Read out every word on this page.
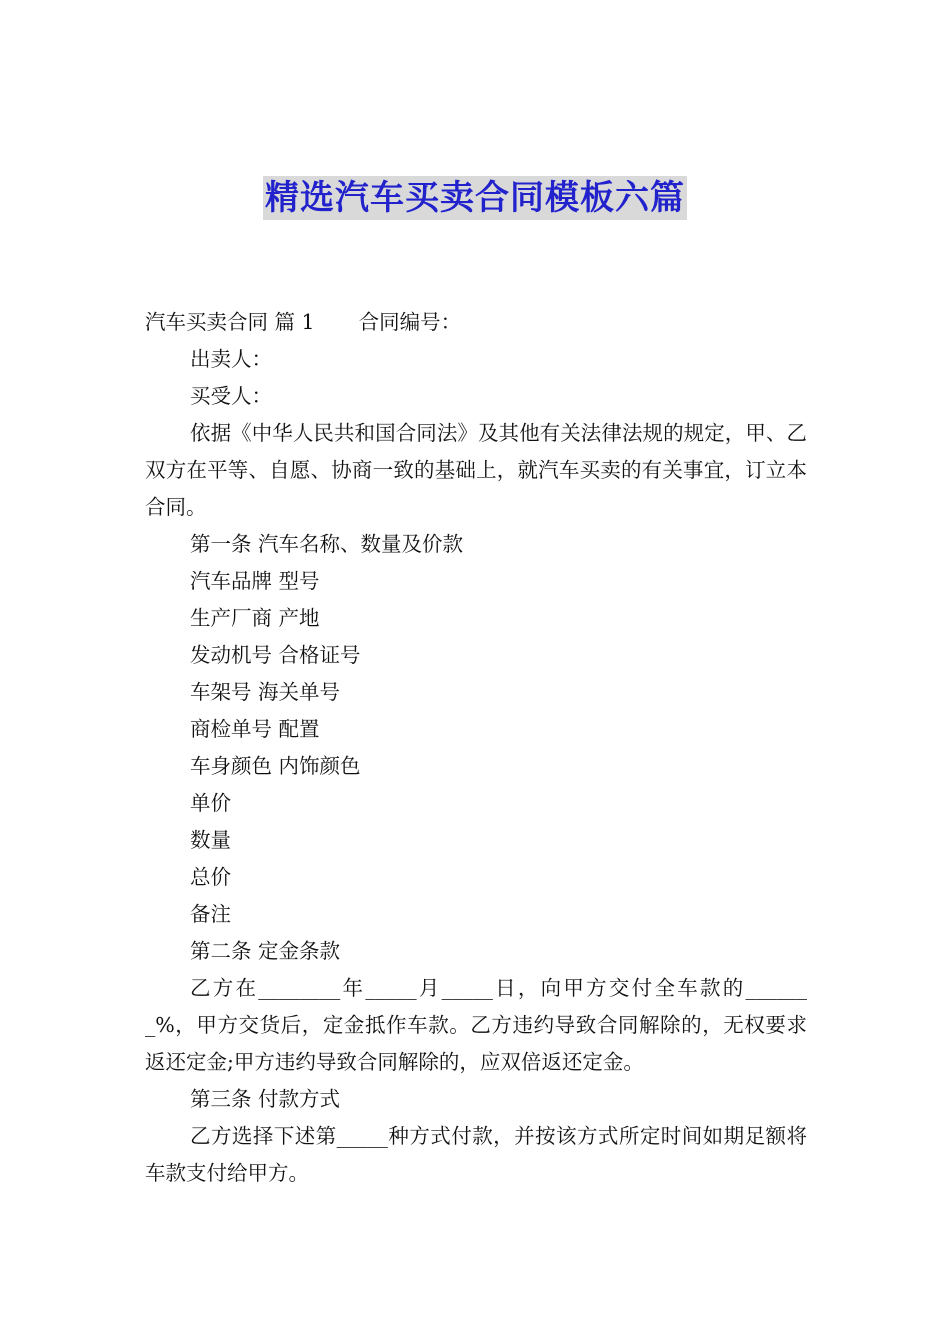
精选汽车买卖合同模板六篇

汽车买卖合同 篇 1 合同编号：

出卖人：

买受人：

依据《中华人民共和国合同法》及其他有关法律法规的规定，甲、乙双方在平等、自愿、协商一致的基础上，就汽车买卖的有关事宜，订立本合同。

第一条 汽车名称、数量及价款

汽车品牌 型号

生产厂商 产地

发动机号 合格证号

车架号 海关单号

商检单号 配置

车身颜色 内饰颜色

单价

数量

总价

备注

第二条 定金条款

乙方在________年_____月_____日，向甲方交付全车款的_______%，甲方交货后，定金抵作车款。乙方违约导致合同解除的，无权要求返还定金;甲方违约导致合同解除的，应双倍返还定金。

第三条 付款方式

乙方选择下述第_____种方式付款，并按该方式所定时间如期足额将车款支付给甲方。
